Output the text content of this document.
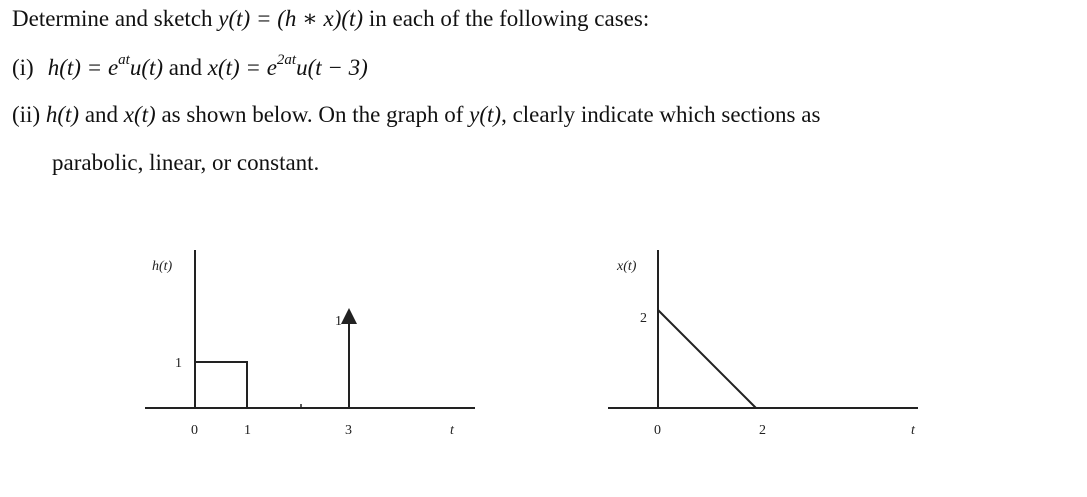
Determine and sketch y(t) = (h ∗ x)(t) in each of the following cases:
(i) $h(t) = e^{at}u(t)$ and $x(t) = e^{2at}u(t - 3)$
(ii) h(t) and x(t) as shown below. On the graph of y(t), clearly indicate which sections as
parabolic, linear, or constant.
h(t)
1
1
0	1	3	t
x(t)
2
0	2	t
